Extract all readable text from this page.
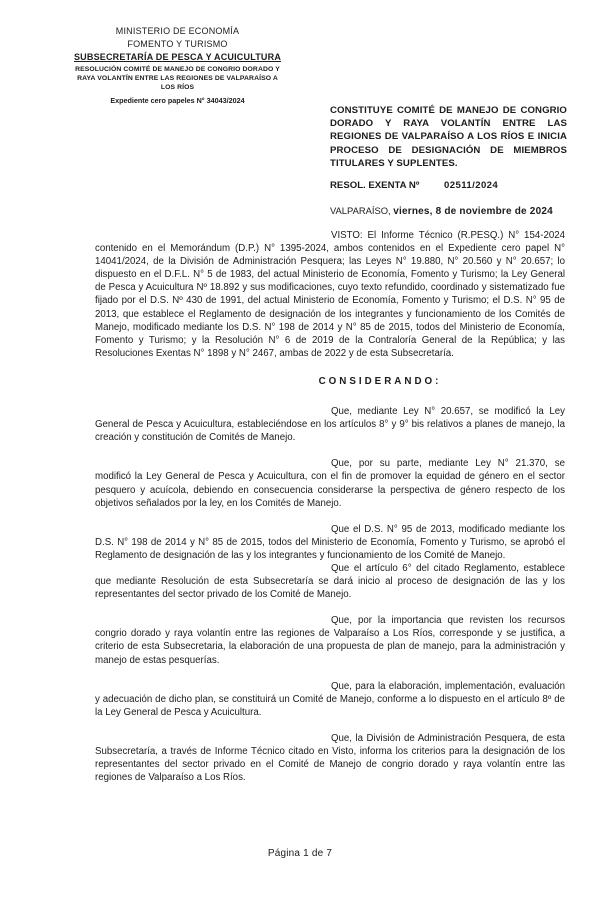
MINISTERIO DE ECONOMÍA
FOMENTO Y TURISMO
SUBSECRETARÍA DE PESCA Y ACUICULTURA
RESOLUCIÓN COMITÉ DE MANEJO DE CONGRIO DORADO Y RAYA VOLANTÍN ENTRE LAS REGIONES DE VALPARAÍSO A LOS RÍOS
Expediente cero papeles N° 34043/2024
CONSTITUYE COMITÉ DE MANEJO DE CONGRIO DORADO Y RAYA VOLANTÍN ENTRE LAS REGIONES DE VALPARAÍSO A LOS RÍOS E INICIA PROCESO DE DESIGNACIÓN DE MIEMBROS TITULARES Y SUPLENTES.
RESOL. EXENTA Nº	02511/2024
VALPARAÍSO, viernes, 8 de noviembre de 2024

VISTO: El Informe Técnico (R.PESQ.) N° 154-2024 contenido en el Memorándum (D.P.) N° 1395-2024, ambos contenidos en el Expediente cero papel N° 14041/2024, de la División de Administración Pesquera; las Leyes N° 19.880, N° 20.560 y N° 20.657; lo dispuesto en el D.F.L. N° 5 de 1983, del actual Ministerio de Economía, Fomento y Turismo; la Ley General de Pesca y Acuicultura Nº 18.892 y sus modificaciones, cuyo texto refundido, coordinado y sistematizado fue fijado por el D.S. Nº 430 de 1991, del actual Ministerio de Economía, Fomento y Turismo; el D.S. N° 95 de 2013, que establece el Reglamento de designación de los integrantes y funcionamiento de los Comités de Manejo, modificado mediante los D.S. N° 198 de 2014 y N° 85 de 2015, todos del Ministerio de Economía, Fomento y Turismo; y la Resolución N° 6 de 2019 de la Contraloría General de la República; y las Resoluciones Exentas N° 1898 y N° 2467, ambas de 2022 y de esta Subsecretaría.

CONSIDERANDO:

Que, mediante Ley N° 20.657, se modificó la Ley General de Pesca y Acuicultura, estableciéndose en los artículos 8° y 9° bis relativos a planes de manejo, la creación y constitución de Comités de Manejo.

Que, por su parte, mediante Ley N° 21.370, se modificó la Ley General de Pesca y Acuicultura, con el fin de promover la equidad de género en el sector pesquero y acuícola, debiendo en consecuencia considerarse la perspectiva de género respecto de los objetivos señalados por la ley, en los Comités de Manejo.

Que el D.S. N° 95 de 2013, modificado mediante los D.S. N° 198 de 2014 y N° 85 de 2015, todos del Ministerio de Economía, Fomento y Turismo, se aprobó el Reglamento de designación de las y los integrantes y funcionamiento de los Comité de Manejo.

Que el artículo 6° del citado Reglamento, establece que mediante Resolución de esta Subsecretaría se dará inicio al proceso de designación de las y los representantes del sector privado de los Comité de Manejo.

Que, por la importancia que revisten los recursos congrio dorado y raya volantín entre las regiones de Valparaíso a Los Ríos, corresponde y se justifica, a criterio de esta Subsecretaria, la elaboración de una propuesta de plan de manejo, para la administración y manejo de estas pesquerías.

Que, para la elaboración, implementación, evaluación y adecuación de dicho plan, se constituirá un Comité de Manejo, conforme a lo dispuesto en el artículo 8º de la Ley General de Pesca y Acuicultura.

Que, la División de Administración Pesquera, de esta Subsecretaría, a través de Informe Técnico citado en Visto, informa los criterios para la designación de los representantes del sector privado en el Comité de Manejo de congrio dorado y raya volantín entre las regiones de Valparaíso a Los Ríos.

Página 1 de 7
